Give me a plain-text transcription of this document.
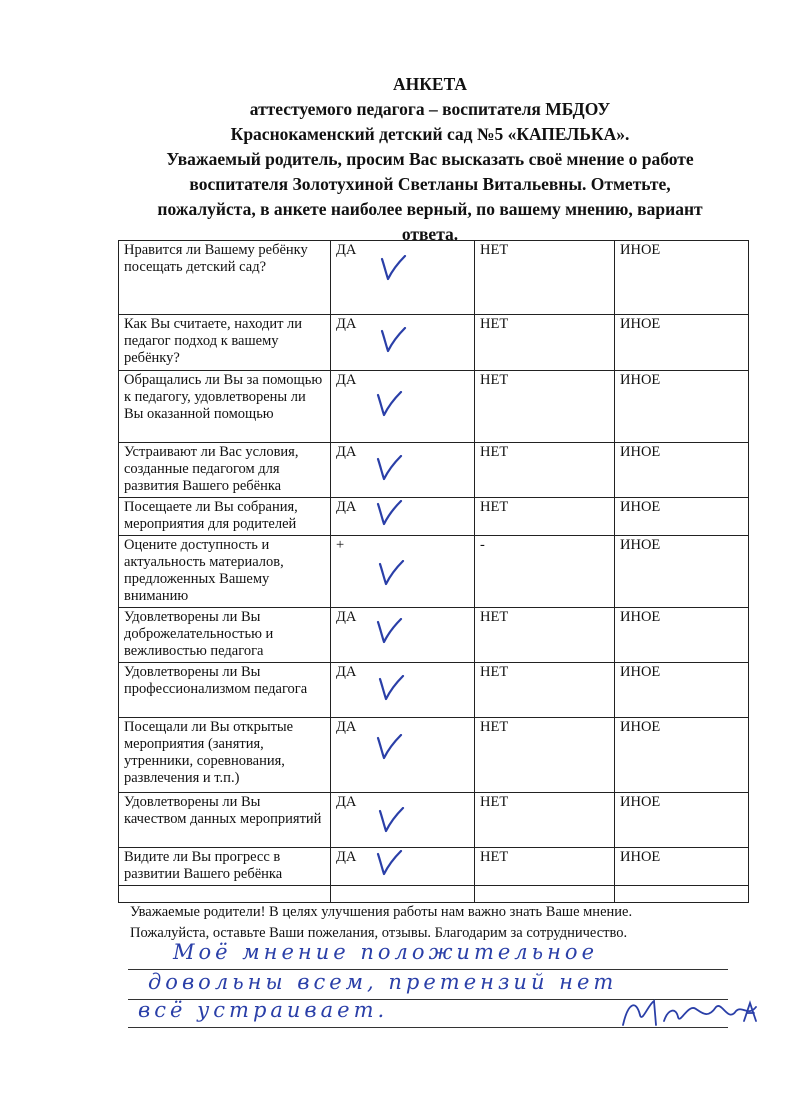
АНКЕТА
аттестуемого педагога – воспитателя МБДОУ
Краснокаменский детский сад №5 «КАПЕЛЬКА».
Уважаемый родитель, просим Вас высказать своё мнение о работе
воспитателя Золотухиной Светланы Витальевны. Отметьте,
пожалуйста, в анкете наиболее верный, по вашему мнению, вариант
ответа.
Нравится ли Вашему ребёнку посещать детский сад?	ДА	НЕТ	ИНОЕ
Как Вы считаете, находит ли педагог подход к вашему ребёнку?	ДА	НЕТ	ИНОЕ
Обращались ли Вы за помощью к педагогу, удовлетворены ли Вы оказанной помощью	ДА	НЕТ	ИНОЕ
Устраивают ли Вас условия, созданные педагогом для развития Вашего ребёнка	ДА	НЕТ	ИНОЕ
Посещаете ли Вы собрания, мероприятия для родителей	ДА	НЕТ	ИНОЕ
Оцените доступность и актуальность материалов, предложенных Вашему вниманию	+	-	ИНОЕ
Удовлетворены ли Вы доброжелательностью и вежливостью педагога	ДА	НЕТ	ИНОЕ
Удовлетворены ли Вы профессионализмом педагога	ДА	НЕТ	ИНОЕ
Посещали ли Вы открытые мероприятия (занятия, утренники, соревнования, развлечения и т.п.)	ДА	НЕТ	ИНОЕ
Удовлетворены ли Вы качеством данных мероприятий	ДА	НЕТ	ИНОЕ
Видите ли Вы прогресс в развитии Вашего ребёнка	ДА	НЕТ	ИНОЕ

Уважаемые родители! В целях улучшения работы нам важно знать Ваше мнение.
Пожалуйста, оставьте Ваши пожелания, отзывы. Благодарим за сотрудничество.
Моё мнение положительное
довольны всем, претензий нет
всё устраивает.
